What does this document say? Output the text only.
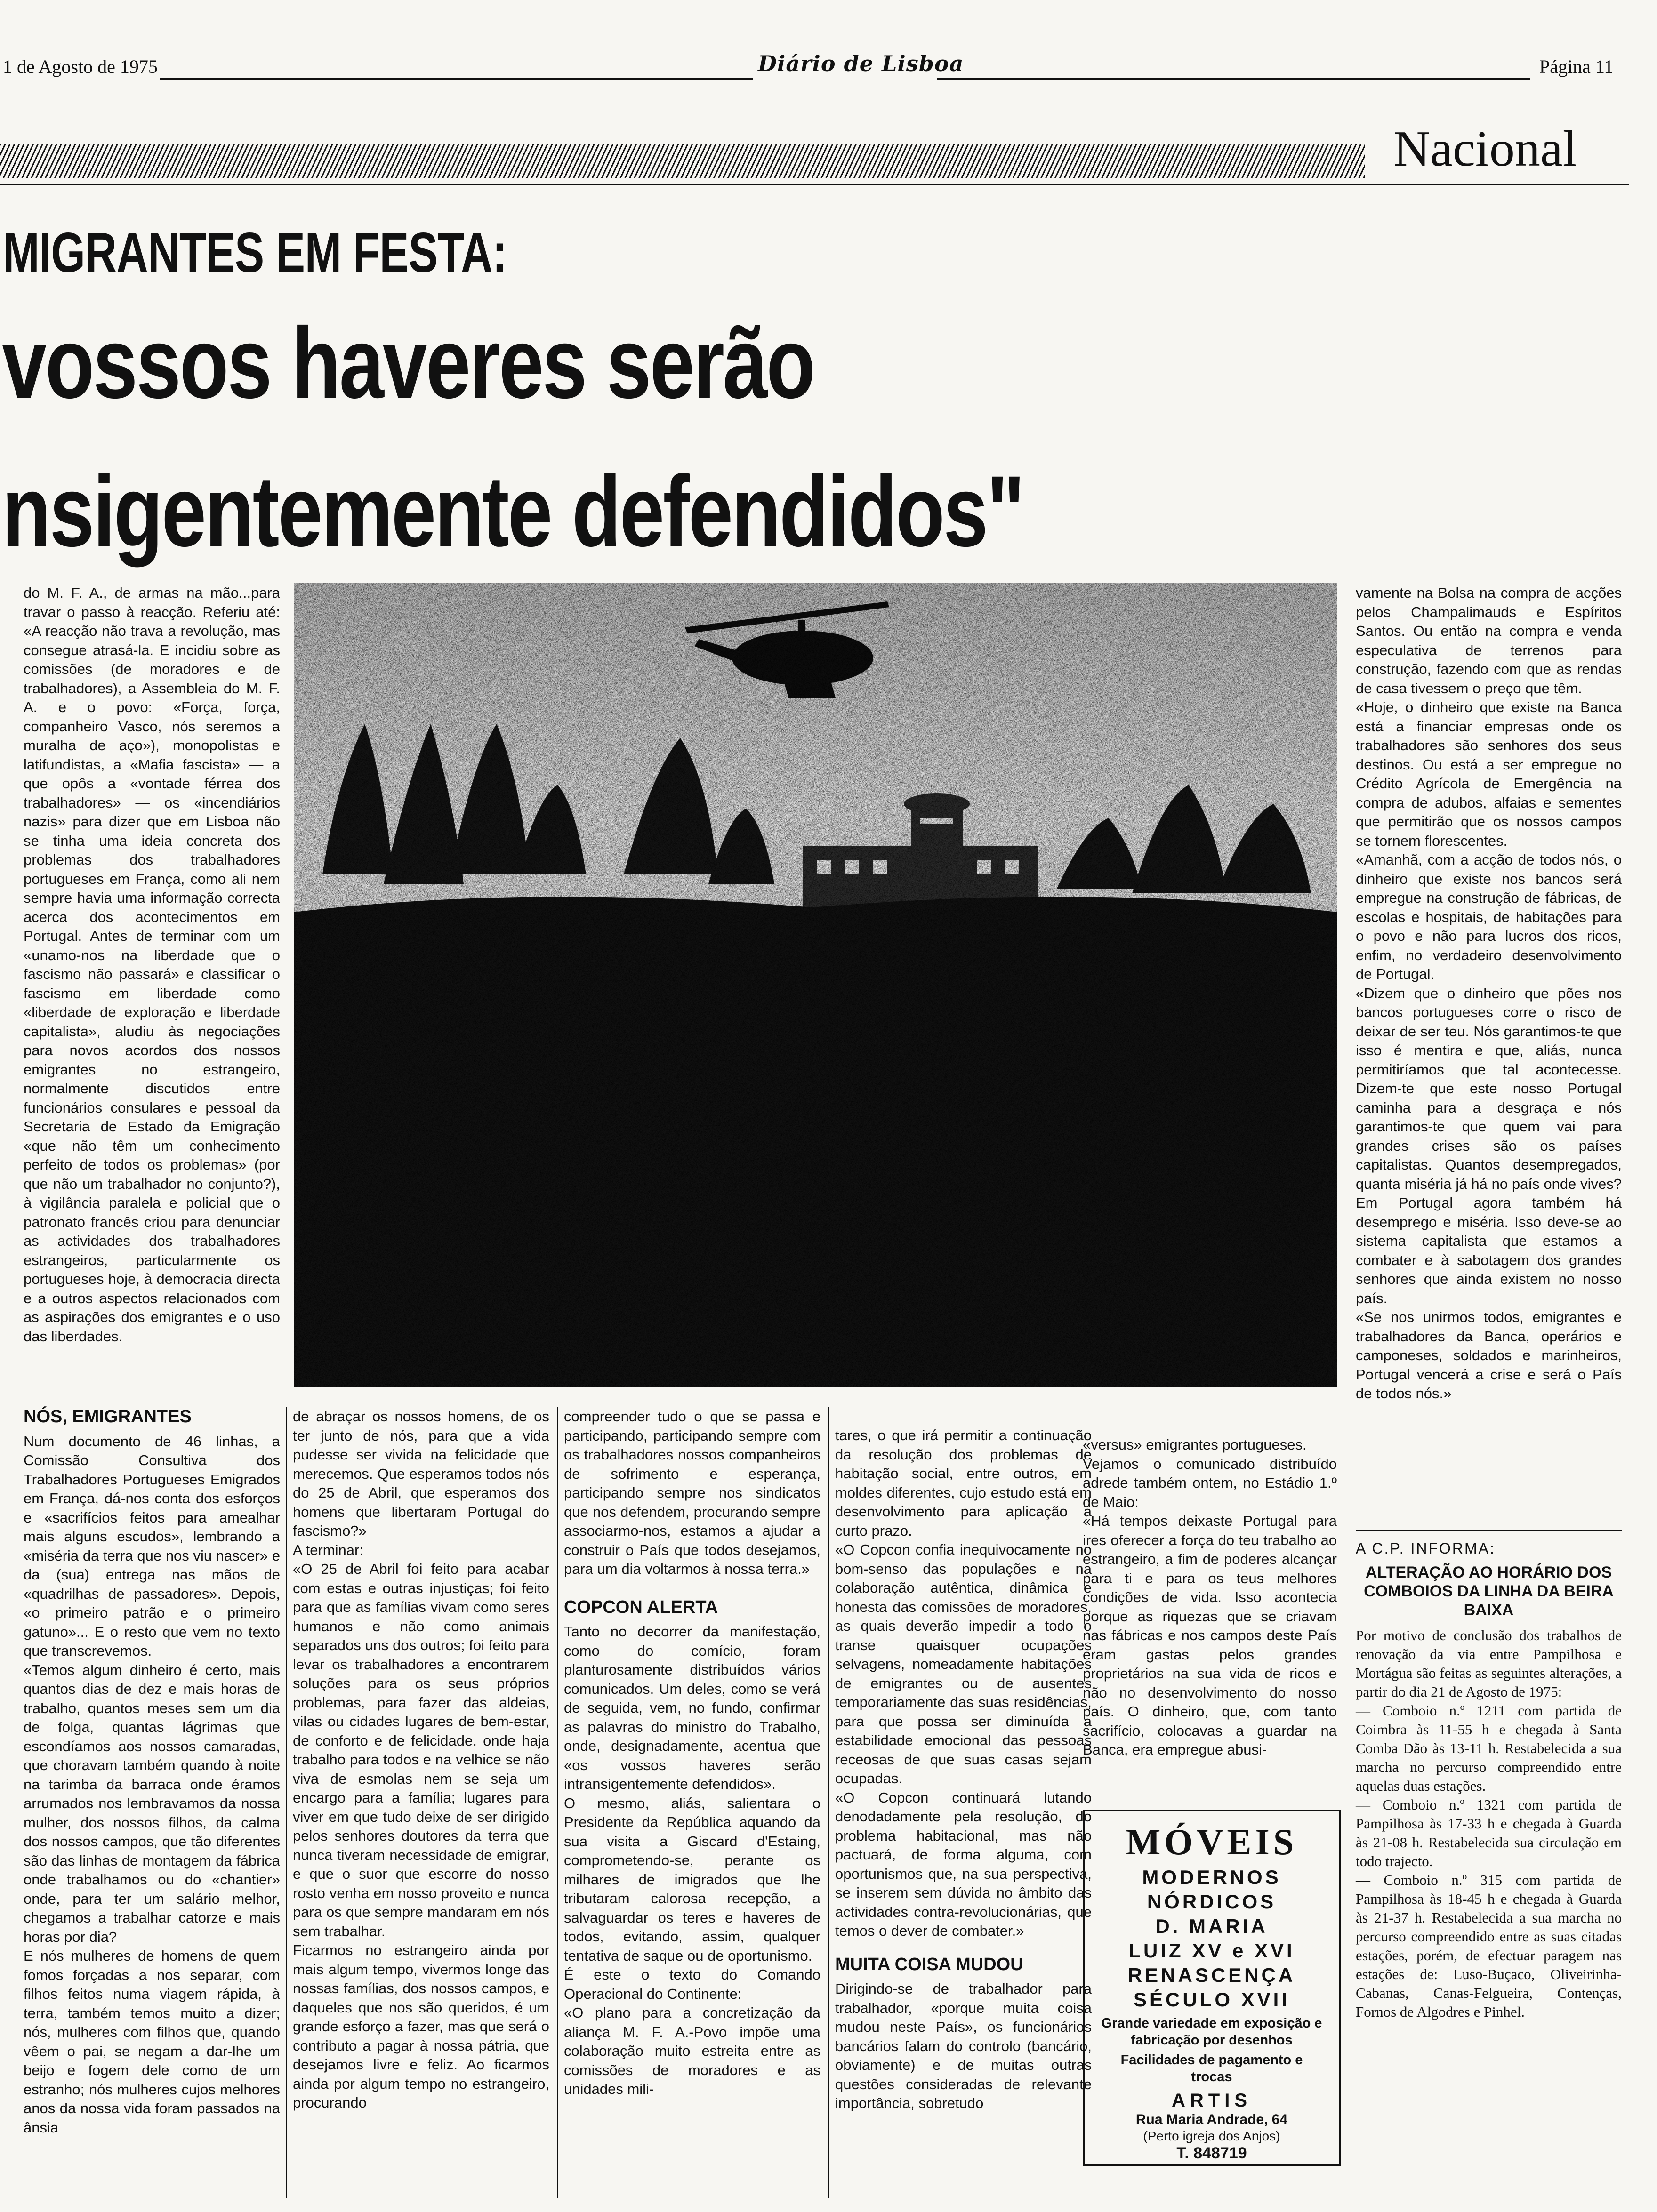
1 de Agosto de 1975	Diário de Lisboa	Página 11
Nacional
MIGRANTES EM FESTA:
vossos haveres serão
nsigentemente defendidos"

do M. F. A., de armas na mão...para travar o passo à reacção. Referiu até: «A reacção não trava a revolução, mas consegue atrasá-la. E incidiu sobre as comissões (de moradores e de trabalhadores), a Assembleia do M. F. A. e o povo: «Força, força, companheiro Vasco, nós seremos a muralha de aço»), monopolistas e latifundistas, a «Mafia fascista» — a que opôs a «vontade férrea dos trabalhadores» — os «incendiários nazis» para dizer que em Lisboa não se tinha uma ideia concreta dos problemas dos trabalhadores portugueses em França, como ali nem sempre havia uma informação correcta acerca dos acontecimentos em Portugal. Antes de terminar com um «unamo-nos na liberdade que o fascismo não passará» e classificar o fascismo em liberdade como «liberdade de exploração e liberdade capitalista», aludiu às negociações para novos acordos dos nossos emigrantes no estrangeiro, normalmente discutidos entre funcionários consulares e pessoal da Secretaria de Estado da Emigração «que não têm um conhecimento perfeito de todos os problemas» (por que não um trabalhador no conjunto?), à vigilância paralela e policial que o patronato francês criou para denunciar as actividades dos trabalhadores estrangeiros, particularmente os portugueses hoje, à democracia directa e a outros aspectos relacionados com as aspirações dos emigrantes e o uso das liberdades.

NÓS, EMIGRANTES

Num documento de 46 linhas, a Comissão Consultiva dos Trabalhadores Portugueses Emigrados em França, dá-nos conta dos esforços e «sacrifícios feitos para amealhar mais alguns escudos», lembrando a «miséria da terra que nos viu nascer» e da (sua) entrega nas mãos de «quadrilhas de passadores». Depois, «o primeiro patrão e o primeiro gatuno»... E o resto que vem no texto que transcrevemos.
«Temos algum dinheiro é certo, mais quantos dias de dez e mais horas de trabalho, quantos meses sem um dia de folga, quantas lágrimas que escondíamos aos nossos camaradas, que choravam também quando à noite na tarimba da barraca onde éramos arrumados nos lembravamos da nossa mulher, dos nossos filhos, da calma dos nossos campos, que tão diferentes são das linhas de montagem da fábrica onde trabalhamos ou do «chantier» onde, para ter um salário melhor, chegamos a trabalhar catorze e mais horas por dia?
E nós mulheres de homens de quem fomos forçadas a nos separar, com filhos feitos numa viagem rápida, à terra, também temos muito a dizer; nós, mulheres com filhos que, quando vêem o pai, se negam a dar-lhe um beijo e fogem dele como de um estranho; nós mulheres cujos melhores anos da nossa vida foram passados na ânsia

de abraçar os nossos homens, de os ter junto de nós, para que a vida pudesse ser vivida na felicidade que merecemos. Que esperamos todos nós do 25 de Abril, que esperamos dos homens que libertaram Portugal do fascismo?»
A terminar:
«O 25 de Abril foi feito para acabar com estas e outras injustiças; foi feito para que as famílias vivam como seres humanos e não como animais separados uns dos outros; foi feito para levar os trabalhadores a encontrarem soluções para os seus próprios problemas, para fazer das aldeias, vilas ou cidades lugares de bem-estar, de conforto e de felicidade, onde haja trabalho para todos e na velhice se não viva de esmolas nem se seja um encargo para a família; lugares para viver em que tudo deixe de ser dirigido pelos senhores doutores da terra que nunca tiveram necessidade de emigrar, e que o suor que escorre do nosso rosto venha em nosso proveito e nunca para os que sempre mandaram em nós sem trabalhar.
Ficarmos no estrangeiro ainda por mais algum tempo, vivermos longe das nossas famílias, dos nossos campos, e daqueles que nos são queridos, é um grande esforço a fazer, mas que será o contributo a pagar à nossa pátria, que desejamos livre e feliz. Ao ficarmos ainda por algum tempo no estrangeiro, procurando

compreender tudo o que se passa e participando, participando sempre com os trabalhadores nossos companheiros de sofrimento e esperança, participando sempre nos sindicatos que nos defendem, procurando sempre associarmo-nos, estamos a ajudar a construir o País que todos desejamos, para um dia voltarmos à nossa terra.»

COPCON ALERTA

Tanto no decorrer da manifestação, como do comício, foram planturosamente distribuídos vários comunicados. Um deles, como se verá de seguida, vem, no fundo, confirmar as palavras do ministro do Trabalho, onde, designadamente, acentua que «os vossos haveres serão intransigentemente defendidos».
O mesmo, aliás, salientara o Presidente da República aquando da sua visita a Giscard d'Estaing, comprometendo-se, perante os milhares de imigrados que lhe tributaram calorosa recepção, a salvaguardar os teres e haveres de todos, evitando, assim, qualquer tentativa de saque ou de oportunismo.
É este o texto do Comando Operacional do Continente:
«O plano para a concretização da aliança M. F. A.-Povo impõe uma colaboração muito estreita entre as comissões de moradores e as unidades mili-

tares, o que irá permitir a continuação da resolução dos problemas de habitação social, entre outros, em moldes diferentes, cujo estudo está em desenvolvimento para aplicação a curto prazo.
«O Copcon confia inequivocamente no bom-senso das populações e na colaboração autêntica, dinâmica e honesta das comissões de moradores, as quais deverão impedir a todo o transe quaisquer ocupações selvagens, nomeadamente habitações de emigrantes ou de ausentes temporariamente das suas residências, para que possa ser diminuída a estabilidade emocional das pessoas receosas de que suas casas sejam ocupadas.
«O Copcon continuará lutando denodadamente pela resolução, do problema habitacional, mas não pactuará, de forma alguma, com oportunismos que, na sua perspectiva, se inserem sem dúvida no âmbito das actividades contra-revolucionárias, que temos o dever de combater.»

MUITA COISA MUDOU

Dirigindo-se de trabalhador para trabalhador, «porque muita coisa mudou neste País», os funcionários bancários falam do controlo (bancário, obviamente) e de muitas outras questões consideradas de relevante importância, sobretudo

«versus» emigrantes portugueses.
Vejamos o comunicado distribuído adrede também ontem, no Estádio 1.º de Maio:
«Há tempos deixaste Portugal para ires oferecer a força do teu trabalho ao estrangeiro, a fim de poderes alcançar para ti e para os teus melhores condições de vida. Isso acontecia porque as riquezas que se criavam nas fábricas e nos campos deste País eram gastas pelos grandes proprietários na sua vida de ricos e não no desenvolvimento do nosso país. O dinheiro, que, com tanto sacrifício, colocavas a guardar na Banca, era empregue abusi-

MÓVEIS
MODERNOS
NÓRDICOS
D. MARIA
LUIZ XV e XVI
RENASCENÇA
SÉCULO XVII
Grande variedade em exposição e fabricação por desenhos
Facilidades de pagamento e trocas
ARTIS
Rua Maria Andrade, 64
(Perto igreja dos Anjos)
T. 848719

vamente na Bolsa na compra de acções pelos Champalimauds e Espíritos Santos. Ou então na compra e venda especulativa de terrenos para construção, fazendo com que as rendas de casa tivessem o preço que têm.
«Hoje, o dinheiro que existe na Banca está a financiar empresas onde os trabalhadores são senhores dos seus destinos. Ou está a ser empregue no Crédito Agrícola de Emergência na compra de adubos, alfaias e sementes que permitirão que os nossos campos se tornem florescentes.
«Amanhã, com a acção de todos nós, o dinheiro que existe nos bancos será empregue na construção de fábricas, de escolas e hospitais, de habitações para o povo e não para lucros dos ricos, enfim, no verdadeiro desenvolvimento de Portugal.
«Dizem que o dinheiro que pões nos bancos portugueses corre o risco de deixar de ser teu. Nós garantimos-te que isso é mentira e que, aliás, nunca permitiríamos que tal acontecesse. Dizem-te que este nosso Portugal caminha para a desgraça e nós garantimos-te que quem vai para grandes crises são os países capitalistas. Quantos desempregados, quanta miséria já há no país onde vives? Em Portugal agora também há desemprego e miséria. Isso deve-se ao sistema capitalista que estamos a combater e à sabotagem dos grandes senhores que ainda existem no nosso país.
«Se nos unirmos todos, emigrantes e trabalhadores da Banca, operários e camponeses, soldados e marinheiros, Portugal vencerá a crise e será o País de todos nós.»

A C.P. INFORMA:
ALTERAÇÃO AO HORÁRIO DOS COMBOIOS DA LINHA DA BEIRA BAIXA

Por motivo de conclusão dos trabalhos de renovação da via entre Pampilhosa e Mortágua são feitas as seguintes alterações, a partir do dia 21 de Agosto de 1975:
— Comboio n.º 1211 com partida de Coimbra às 11-55 h e chegada à Santa Comba Dão às 13-11 h. Restabelecida a sua marcha no percurso compreendido entre aquelas duas estações.
— Comboio n.º 1321 com partida de Pampilhosa às 17-33 h e chegada à Guarda às 21-08 h. Restabelecida sua circulação em todo trajecto.
— Comboio n.º 315 com partida de Pampilhosa às 18-45 h e chegada à Guarda às 21-37 h. Restabelecida a sua marcha no percurso compreendido entre as suas citadas estações, porém, de efectuar paragem nas estações de: Luso-Buçaco, Oliveirinha-Cabanas, Canas-Felgueira, Contenças, Fornos de Algodres e Pinhel.
